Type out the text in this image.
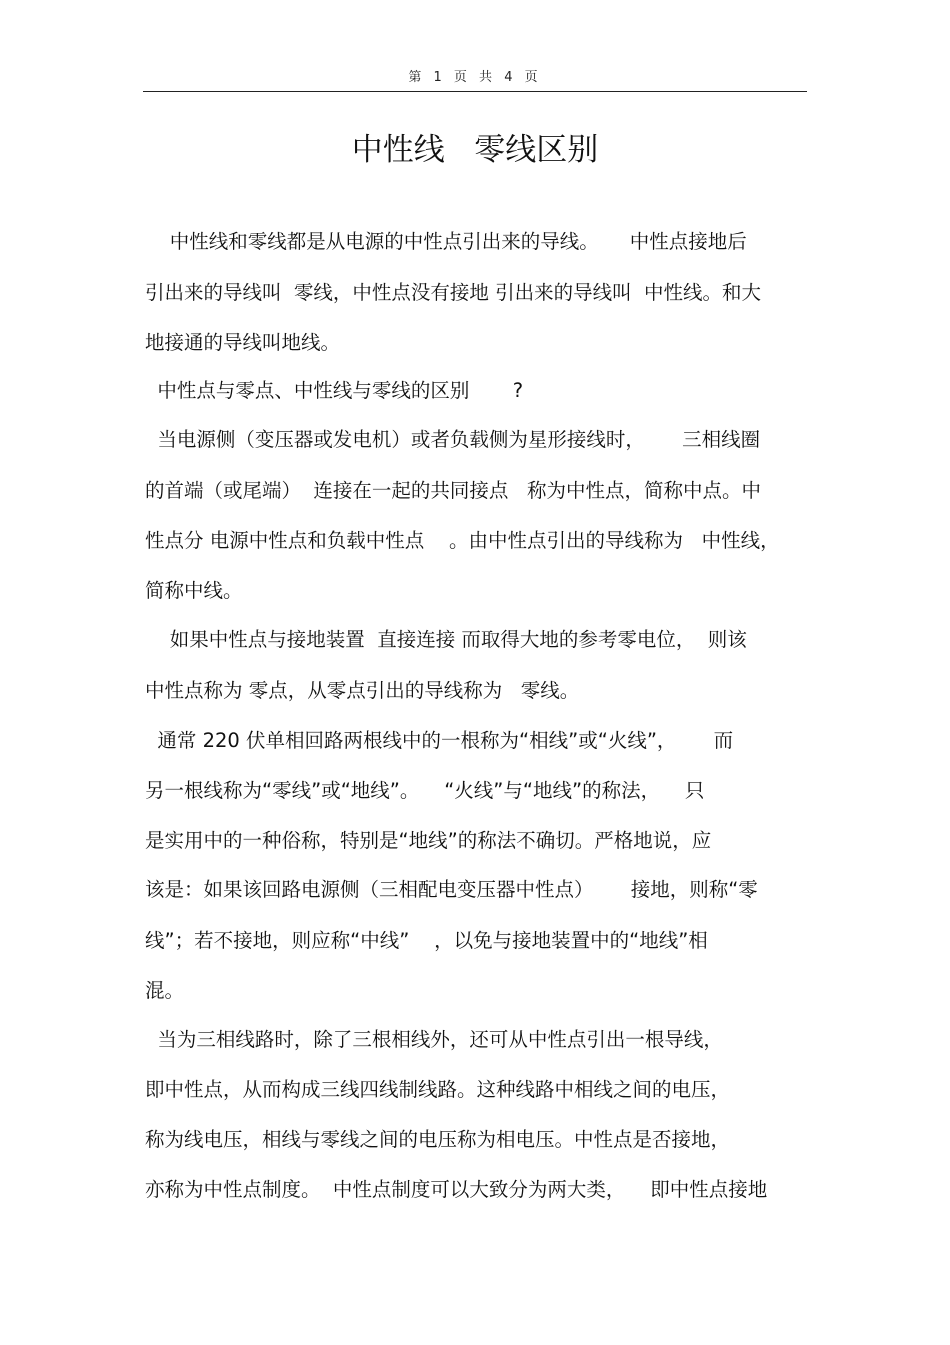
第 1 页 共 4 页
中性线   零线区别
中性线和零线都是从电源的中性点引出来的导线。     中性点接地后
引出来的导线叫  零线，中性点没有接地 引出来的导线叫  中性线。和大
地接通的导线叫地线。
中性点与零点、中性线与零线的区别       ?
当电源侧（变压器或发电机）或者负载侧为星形接线时，      三相线圈
的首端（或尾端）  连接在一起的共同接点   称为中性点，简称中点。中
性点分 电源中性点和负载中性点    。由中性点引出的导线称为   中性线，
简称中线。
如果中性点与接地装置  直接连接 而取得大地的参考零电位，  则该
中性点称为 零点，从零点引出的导线称为   零线。
通常 220 伏单相回路两根线中的一根称为“相线”或“火线”，      而
另一根线称为“零线”或“地线”。    “火线”与“地线”的称法，    只
是实用中的一种俗称，特别是“地线”的称法不确切。严格地说，应
该是：如果该回路电源侧（三相配电变压器中性点）      接地，则称“零
线”；若不接地，则应称“中线”    ，以免与接地装置中的“地线”相
混。
当为三相线路时，除了三根相线外，还可从中性点引出一根导线，
即中性点，从而构成三线四线制线路。这种线路中相线之间的电压，
称为线电压，相线与零线之间的电压称为相电压。中性点是否接地，
亦称为中性点制度。  中性点制度可以大致分为两大类，    即中性点接地
